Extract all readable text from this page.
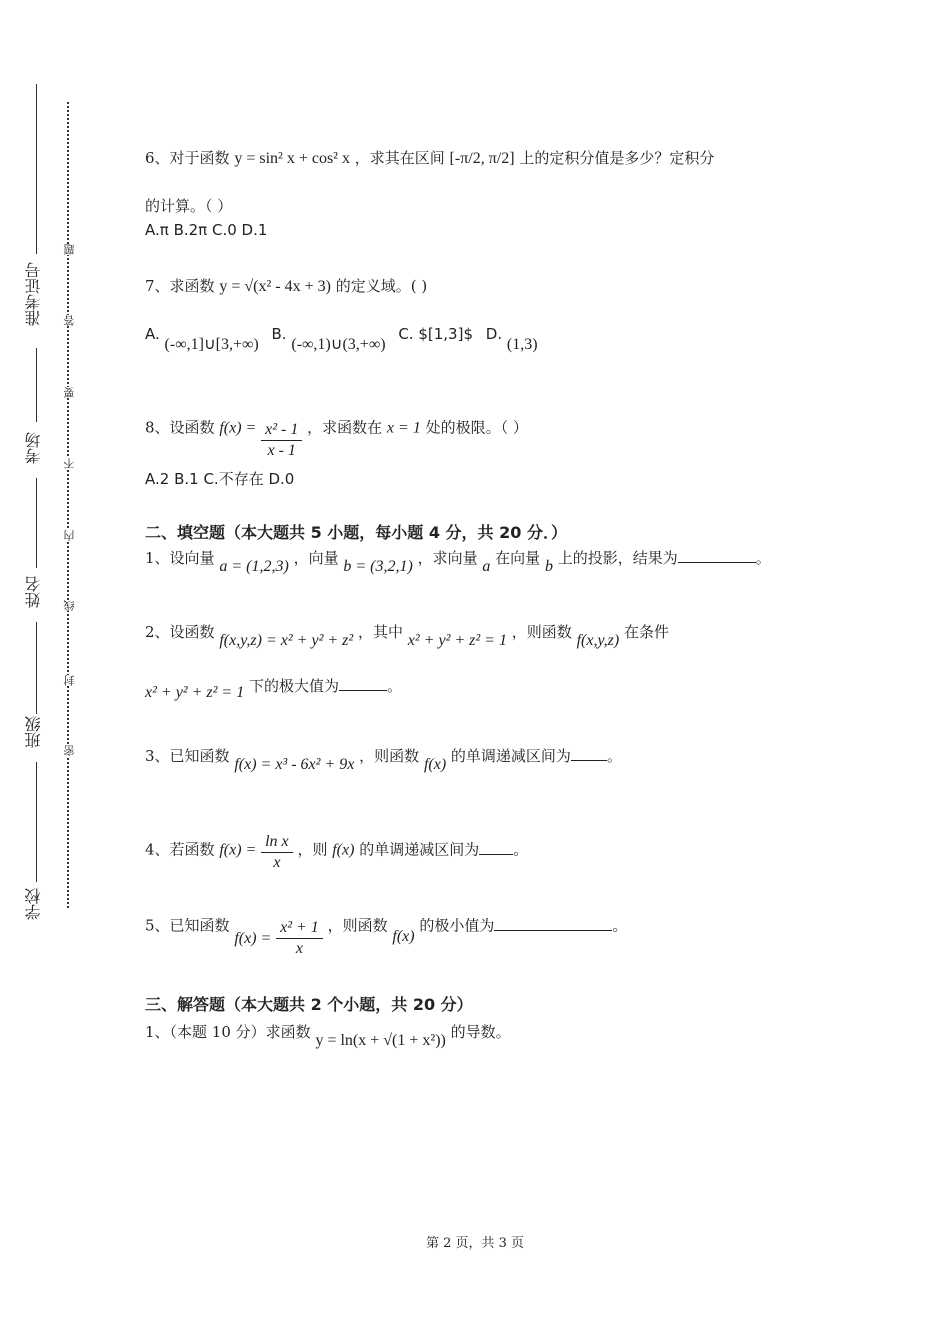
准考证号
考场
姓名
班级
学校
密
封
线
内
不
要
答
题
6、对于函数 y = sin² x + cos² x ，求其在区间 [-π/2, π/2] 上的定积分值是多少？定积分
的计算。（ ）
A.π B.2π C.0 D.1
7、求函数 y = √(x² - 4x + 3) 的定义域。( )
A. (-∞,1]∪[3,+∞) B. (-∞,1)∪(3,+∞) C. $[1,3]$ D. (1,3)
8、设函数 $f(x) = \frac{\text{x² - 1}}{x - 1}$ ，求函数在 x = 1 处的极限。（ ）
A.2 B.1 C.不存在 D.0
二、填空题（本大题共 5 小题，每小题 4 分，共 20 分．）
1、设向量 a = (1,2,3) ，向量 b = (3,2,1) ，求向量 a 在向量 b 上的投影，结果为	。
2、设函数 f(x,y,z) = x² + y² + z² ，其中 x² + y² + z² = 1 ，则函数 f(x,y,z) 在条件
x² + y² + z² = 1 下的极大值为	。
3、已知函数 f(x) = x³ - 6x² + 9x ，则函数 f(x) 的单调递减区间为 。
4、若函数 $f(x) = \frac{\text{ln x}}{x}$ ，则 f(x) 的单调递减区间为 。
5、已知函数 $f(x) = \frac{\text{x² + 1}}{x}$ ，则函数 f(x) 的极小值为	。
三、解答题（本大题共 2 个小题，共 20 分）
1、（本题 10 分）求函数 y = ln(x + √(1 + x²)) 的导数。
第 2 页，共 3 页
